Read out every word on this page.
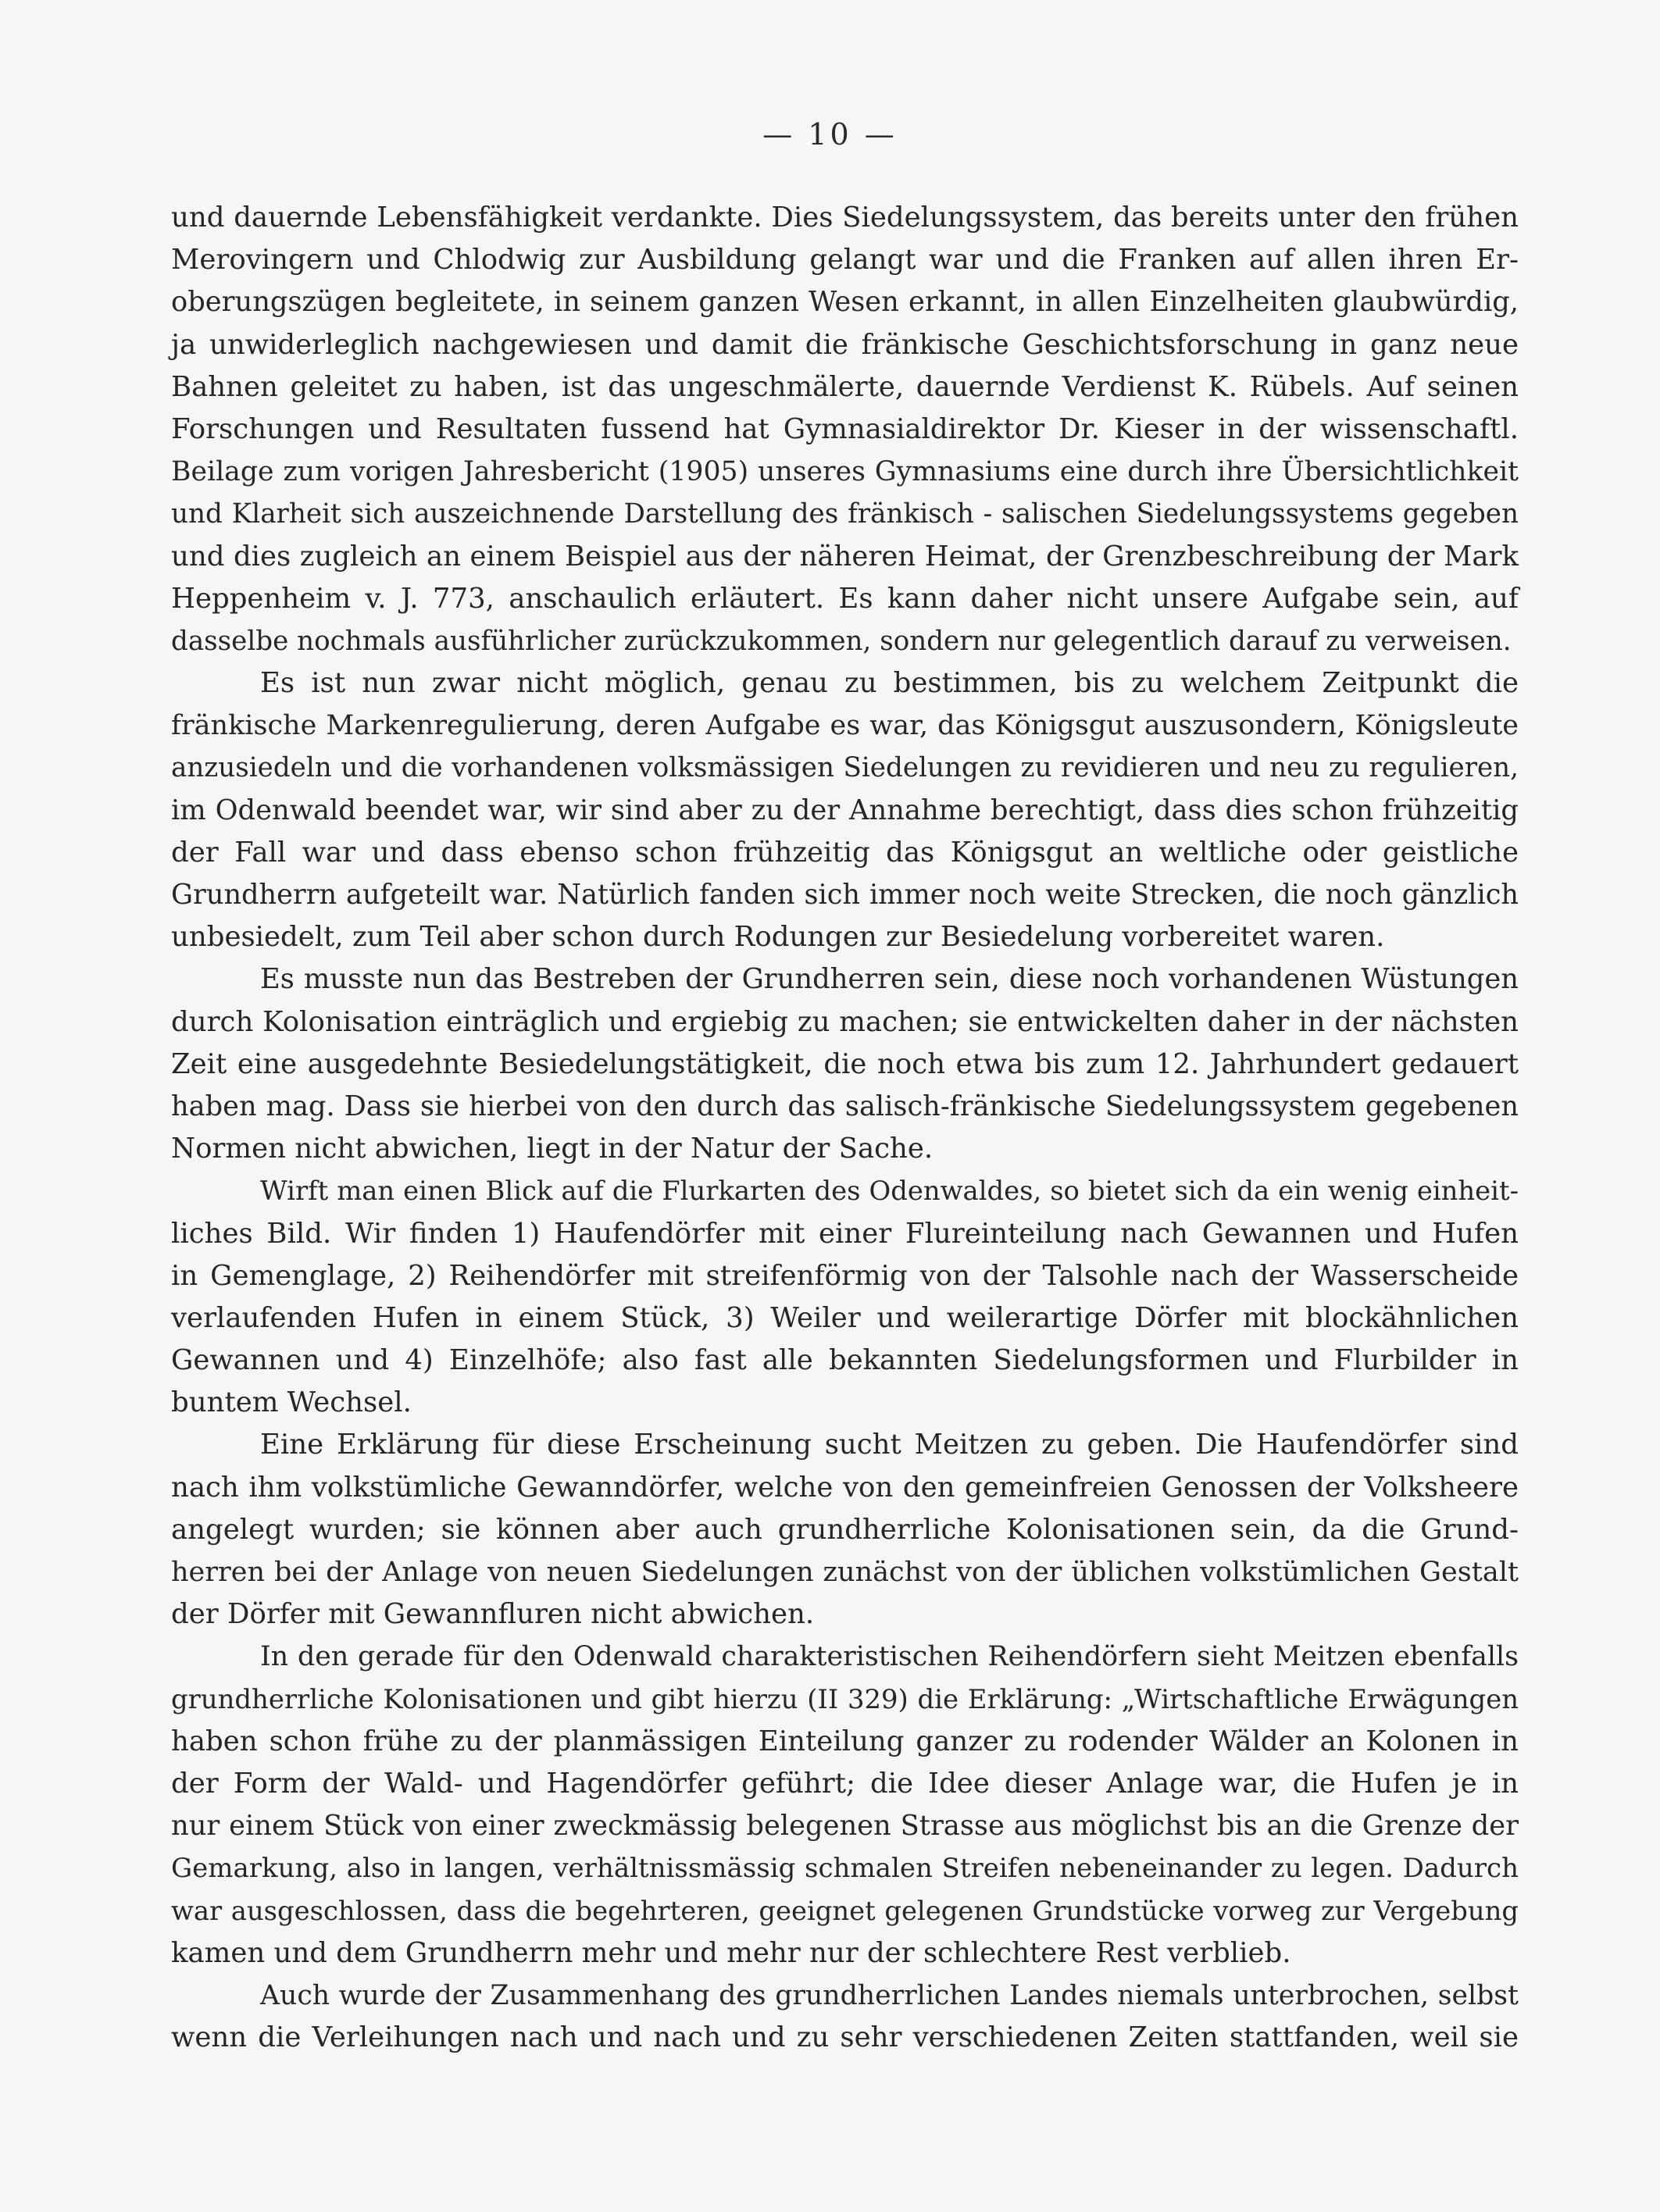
— 10 —
und dauernde Lebensfähigkeit verdankte. Dies Siedelungssystem, das bereits unter den frühen
Merovingern und Chlodwig zur Ausbildung gelangt war und die Franken auf allen ihren Er-
oberungszügen begleitete, in seinem ganzen Wesen erkannt, in allen Einzelheiten glaubwürdig,
ja unwiderleglich nachgewiesen und damit die fränkische Geschichtsforschung in ganz neue
Bahnen geleitet zu haben, ist das ungeschmälerte, dauernde Verdienst K. Rübels. Auf seinen
Forschungen und Resultaten fussend hat Gymnasialdirektor Dr. Kieser in der wissenschaftl.
Beilage zum vorigen Jahresbericht (1905) unseres Gymnasiums eine durch ihre Übersichtlichkeit
und Klarheit sich auszeichnende Darstellung des fränkisch - salischen Siedelungssystems gegeben
und dies zugleich an einem Beispiel aus der näheren Heimat, der Grenzbeschreibung der Mark
Heppenheim v. J. 773, anschaulich erläutert. Es kann daher nicht unsere Aufgabe sein, auf
dasselbe nochmals ausführlicher zurückzukommen, sondern nur gelegentlich darauf zu verweisen.
Es ist nun zwar nicht möglich, genau zu bestimmen, bis zu welchem Zeitpunkt die
fränkische Markenregulierung, deren Aufgabe es war, das Königsgut auszusondern, Königsleute
anzusiedeln und die vorhandenen volksmässigen Siedelungen zu revidieren und neu zu regulieren,
im Odenwald beendet war, wir sind aber zu der Annahme berechtigt, dass dies schon frühzeitig
der Fall war und dass ebenso schon frühzeitig das Königsgut an weltliche oder geistliche
Grundherrn aufgeteilt war. Natürlich fanden sich immer noch weite Strecken, die noch gänzlich
unbesiedelt, zum Teil aber schon durch Rodungen zur Besiedelung vorbereitet waren.
Es musste nun das Bestreben der Grundherren sein, diese noch vorhandenen Wüstungen
durch Kolonisation einträglich und ergiebig zu machen; sie entwickelten daher in der nächsten
Zeit eine ausgedehnte Besiedelungstätigkeit, die noch etwa bis zum 12. Jahrhundert gedauert
haben mag. Dass sie hierbei von den durch das salisch-fränkische Siedelungssystem gegebenen
Normen nicht abwichen, liegt in der Natur der Sache.
Wirft man einen Blick auf die Flurkarten des Odenwaldes, so bietet sich da ein wenig einheit-
liches Bild. Wir finden 1) Haufendörfer mit einer Flureinteilung nach Gewannen und Hufen
in Gemenglage, 2) Reihendörfer mit streifenförmig von der Talsohle nach der Wasserscheide
verlaufenden Hufen in einem Stück, 3) Weiler und weilerartige Dörfer mit blockähnlichen
Gewannen und 4) Einzelhöfe; also fast alle bekannten Siedelungsformen und Flurbilder in
buntem Wechsel.
Eine Erklärung für diese Erscheinung sucht Meitzen zu geben. Die Haufendörfer sind
nach ihm volkstümliche Gewanndörfer, welche von den gemeinfreien Genossen der Volksheere
angelegt wurden; sie können aber auch grundherrliche Kolonisationen sein, da die Grund-
herren bei der Anlage von neuen Siedelungen zunächst von der üblichen volkstümlichen Gestalt
der Dörfer mit Gewannfluren nicht abwichen.
In den gerade für den Odenwald charakteristischen Reihendörfern sieht Meitzen ebenfalls
grundherrliche Kolonisationen und gibt hierzu (II 329) die Erklärung: „Wirtschaftliche Erwägungen
haben schon frühe zu der planmässigen Einteilung ganzer zu rodender Wälder an Kolonen in
der Form der Wald- und Hagendörfer geführt; die Idee dieser Anlage war, die Hufen je in
nur einem Stück von einer zweckmässig belegenen Strasse aus möglichst bis an die Grenze der
Gemarkung, also in langen, verhältnissmässig schmalen Streifen nebeneinander zu legen. Dadurch
war ausgeschlossen, dass die begehrteren, geeignet gelegenen Grundstücke vorweg zur Vergebung
kamen und dem Grundherrn mehr und mehr nur der schlechtere Rest verblieb.
Auch wurde der Zusammenhang des grundherrlichen Landes niemals unterbrochen, selbst
wenn die Verleihungen nach und nach und zu sehr verschiedenen Zeiten stattfanden, weil sie
